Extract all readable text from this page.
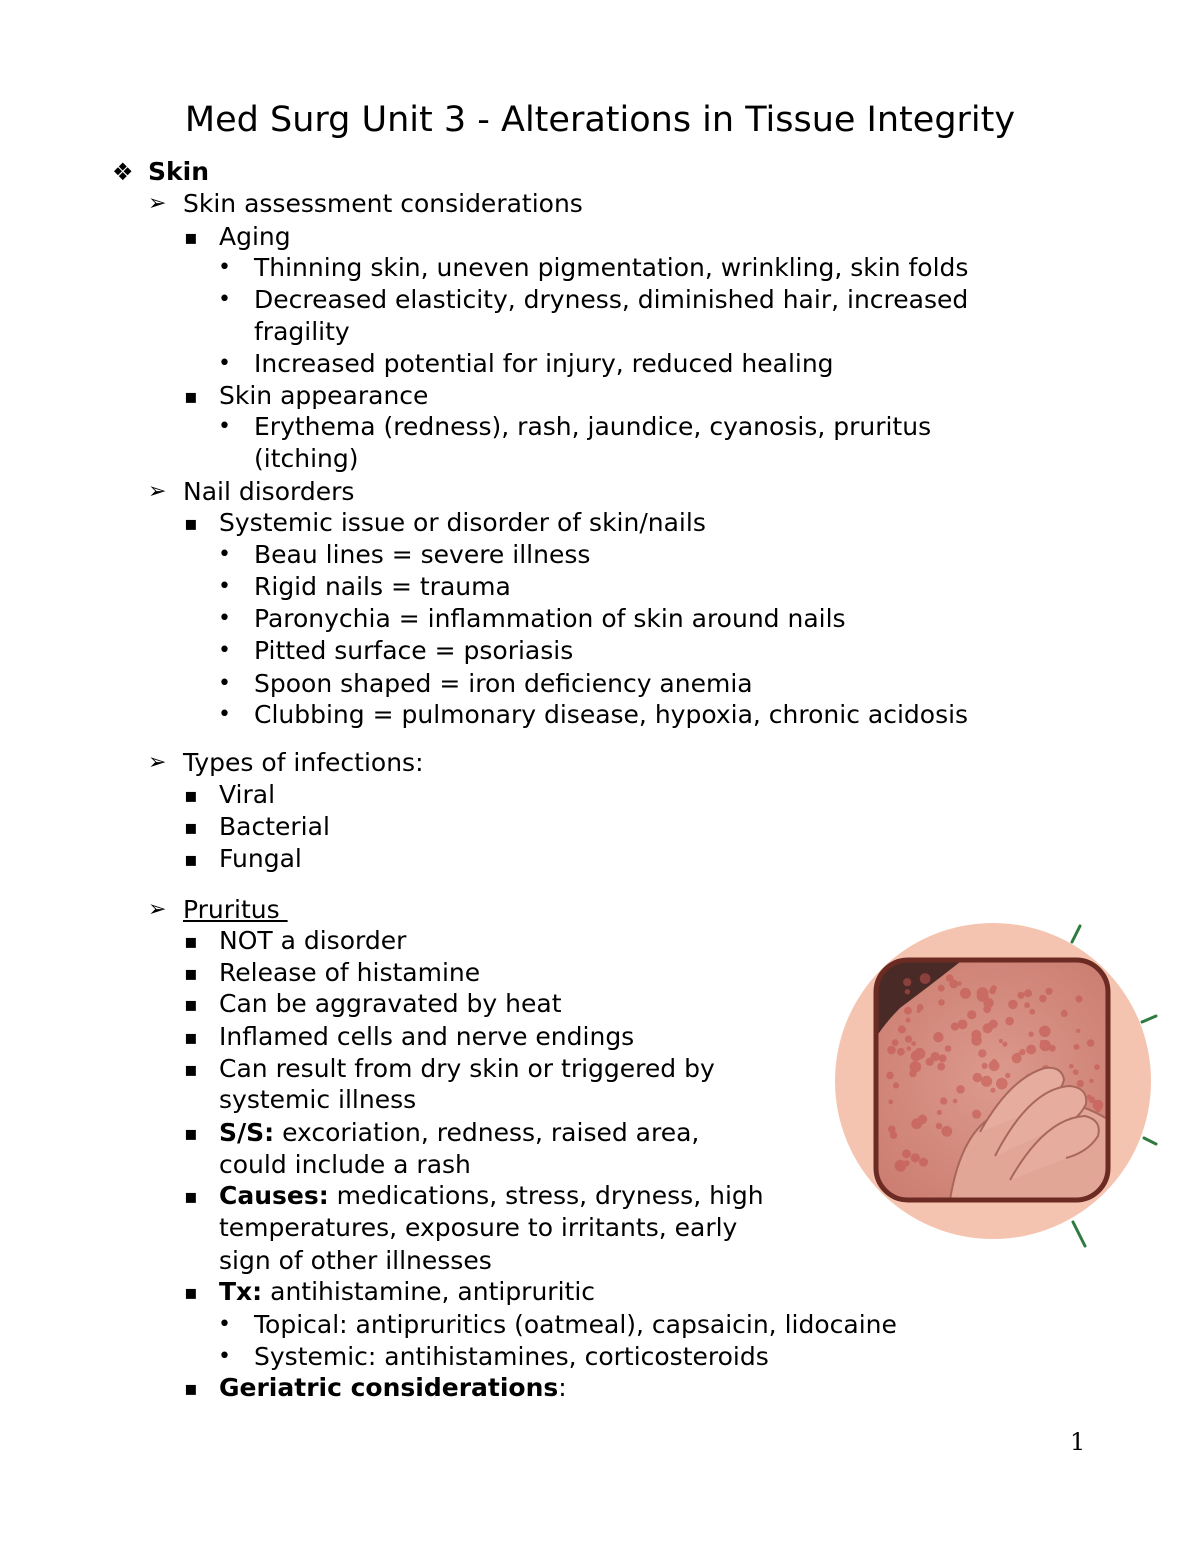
Med Surg Unit 3 - Alterations in Tissue Integrity
❖ Skin
➢ Skin assessment considerations
▪ Aging
• Thinning skin, uneven pigmentation, wrinkling, skin folds
• Decreased elasticity, dryness, diminished hair, increased
fragility
• Increased potential for injury, reduced healing
▪ Skin appearance
• Erythema (redness), rash, jaundice, cyanosis, pruritus
(itching)
➢ Nail disorders
▪ Systemic issue or disorder of skin/nails
• Beau lines = severe illness
• Rigid nails = trauma
• Paronychia = inflammation of skin around nails
• Pitted surface = psoriasis
• Spoon shaped = iron deficiency anemia
• Clubbing = pulmonary disease, hypoxia, chronic acidosis
➢ Types of infections:
▪ Viral
▪ Bacterial
▪ Fungal
➢ Pruritus
▪ NOT a disorder
▪ Release of histamine
▪ Can be aggravated by heat
▪ Inflamed cells and nerve endings
▪ Can result from dry skin or triggered by
systemic illness
▪ S/S: excoriation, redness, raised area,
could include a rash
▪ Causes: medications, stress, dryness, high
temperatures, exposure to irritants, early
sign of other illnesses
▪ Tx: antihistamine, antipruritic
• Topical: antipruritics (oatmeal), capsaicin, lidocaine
• Systemic: antihistamines, corticosteroids
▪ Geriatric considerations:
1
